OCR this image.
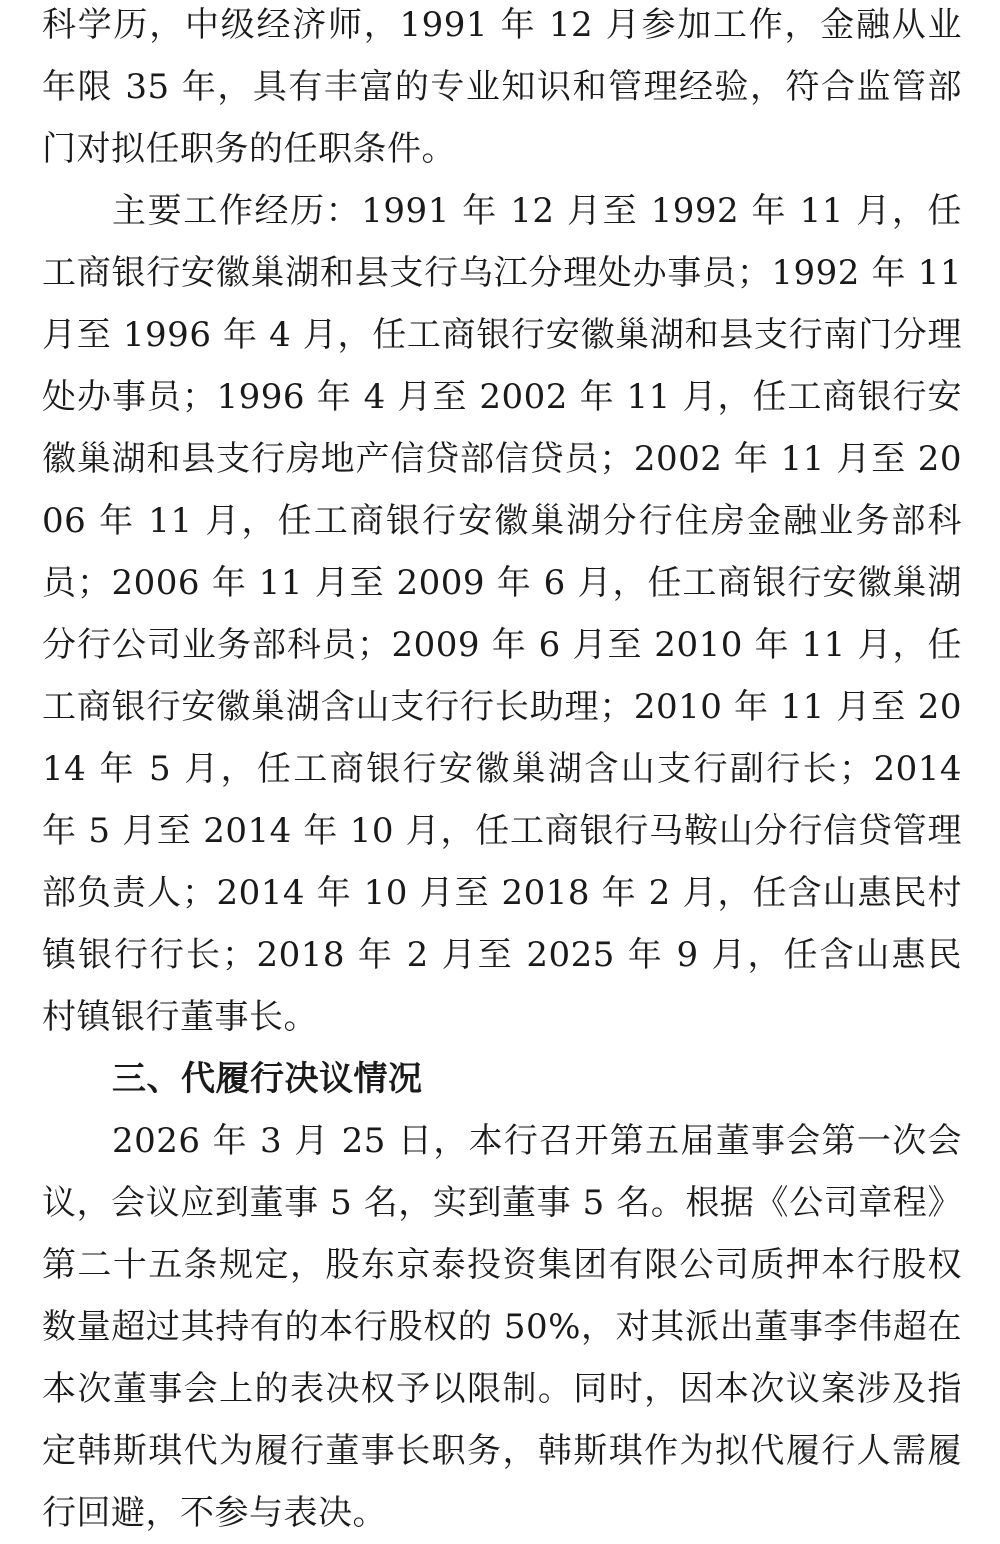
科学历，中级经济师，1991 年 12 月参加工作，金融从业年限 35 年，具有丰富的专业知识和管理经验，符合监管部门对拟任职务的任职条件。

主要工作经历：1991 年 12 月至 1992 年 11 月，任工商银行安徽巢湖和县支行乌江分理处办事员；1992 年 11 月至 1996 年 4 月，任工商银行安徽巢湖和县支行南门分理处办事员；1996 年 4 月至 2002 年 11 月，任工商银行安徽巢湖和县支行房地产信贷部信贷员；2002 年 11 月至 2006 年 11 月，任工商银行安徽巢湖分行住房金融业务部科员；2006 年 11 月至 2009 年 6 月，任工商银行安徽巢湖分行公司业务部科员；2009 年 6 月至 2010 年 11 月，任工商银行安徽巢湖含山支行行长助理；2010 年 11 月至 2014 年 5 月，任工商银行安徽巢湖含山支行副行长；2014 年 5 月至 2014 年 10 月，任工商银行马鞍山分行信贷管理部负责人；2014 年 10 月至 2018 年 2 月，任含山惠民村镇银行行长；2018 年 2 月至 2025 年 9 月，任含山惠民村镇银行董事长。

三、代履行决议情况

2026 年 3 月 25 日，本行召开第五届董事会第一次会议，会议应到董事 5 名，实到董事 5 名。根据《公司章程》第二十五条规定，股东京泰投资集团有限公司质押本行股权数量超过其持有的本行股权的 50%，对其派出董事李伟超在本次董事会上的表决权予以限制。同时，因本次议案涉及指定韩斯琪代为履行董事长职务，韩斯琪作为拟代履行人需履行回避，不参与表决。
